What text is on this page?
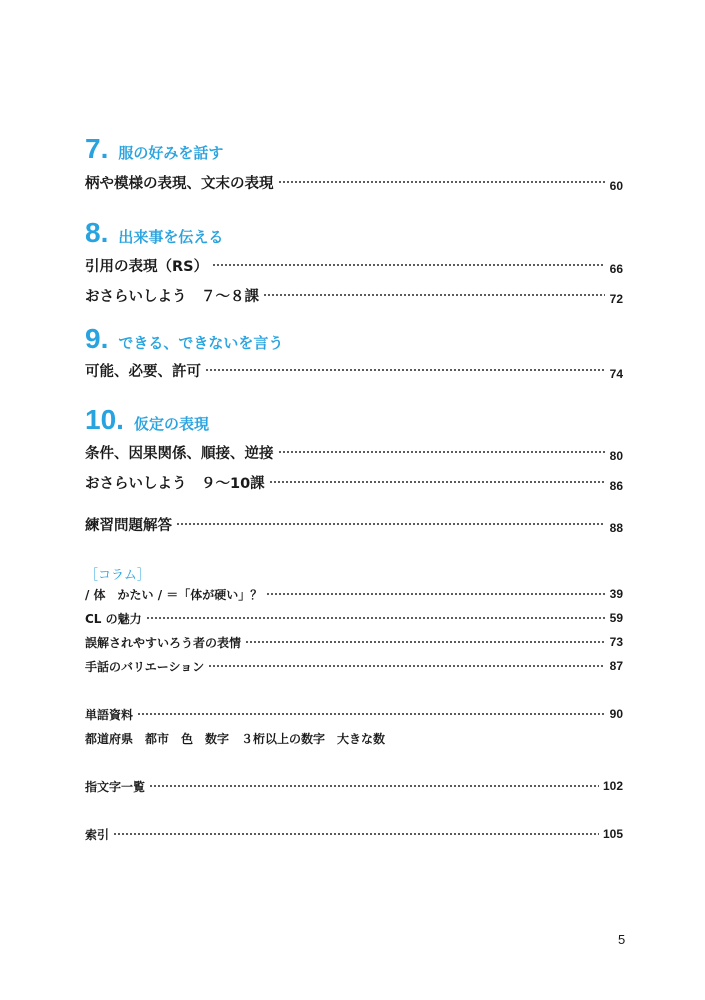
7. 服の好みを話す
柄や模様の表現、文末の表現	60
8. 出来事を伝える
引用の表現（RS）	66
おさらいしよう　７～８課	72
9. できる、できないを言う
可能、必要、許可	74
10. 仮定の表現
条件、因果関係、順接、逆接	80
おさらいしよう　９～10課	86
練習問題解答	88
［コラム］
/ 体　かたい / ＝「体が硬い」？	39
CL の魅力	59
誤解されやすいろう者の表情	73
手話のバリエーション	87
単語資料	90
都道府県　都市　色　数字　３桁以上の数字　大きな数
指文字一覧	102
索引	105
5
